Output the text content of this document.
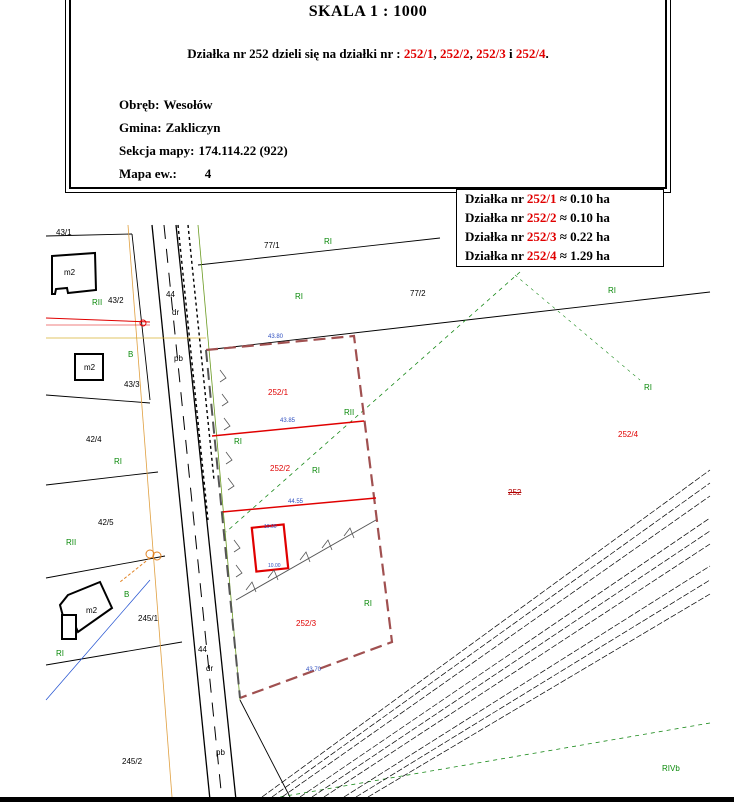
43/1
43/2
43/3
42/4
42/5
245/1
245/2
77/1
77/2
252
252/1
252/2
252/3
252/4
m2
m2
m2
44
44
dr
dr
pb
pb
RI
RI
RI
RI
RI
RI
RI
RI
RI
RII
RII
RII
B
B
RIVb
43.80
43.85
44.55
43.70
10.00
10.00
SKALA 1 : 1000
Działka nr 252 dzieli się na działki nr : 252/1, 252/2, 252/3 i 252/4.
Obręb: Wesołów
Gmina: Zakliczyn
Sekcja mapy: 174.114.22 (922)
Mapa ew.: 4
Działka nr 252/1 ≈ 0.10 ha
Działka nr 252/2 ≈ 0.10 ha
Działka nr 252/3 ≈ 0.22 ha
Działka nr 252/4 ≈ 1.29 ha
